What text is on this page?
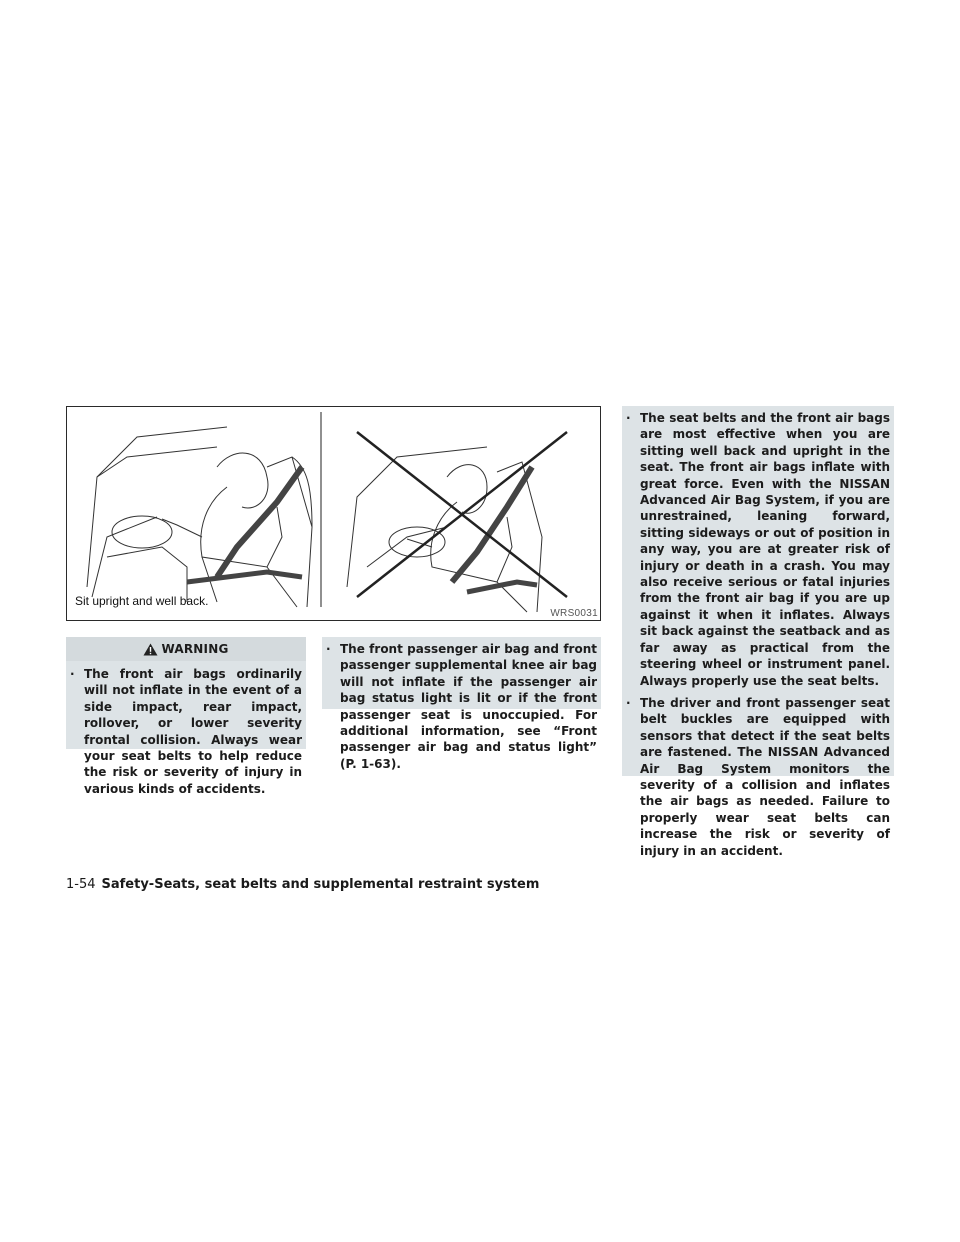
Sit upright and well back.
WRS0031
WARNING
· The front air bags ordinarily will not inflate in the event of a side impact, rear impact, rollover, or lower severity frontal collision. Always wear your seat belts to help reduce the risk or severity of injury in various kinds of accidents.
· The front passenger air bag and front passenger supplemental knee air bag will not inflate if the passenger air bag status light is lit or if the front passenger seat is unoccupied. For additional information, see “Front passenger air bag and status light” (P. 1-63).
· The seat belts and the front air bags are most effective when you are sitting well back and upright in the seat. The front air bags inflate with great force. Even with the NISSAN Advanced Air Bag System, if you are unrestrained, leaning forward, sitting sideways or out of position in any way, you are at greater risk of injury or death in a crash. You may also receive serious or fatal injuries from the front air bag if you are up against it when it inflates. Always sit back against the seatback and as far away as practical from the steering wheel or instrument panel. Always properly use the seat belts.
· The driver and front passenger seat belt buckles are equipped with sensors that detect if the seat belts are fastened. The NISSAN Advanced Air Bag System monitors the severity of a collision and inflates the air bags as needed. Failure to properly wear seat belts can increase the risk or severity of injury in an accident.
1-54 Safety-Seats, seat belts and supplemental restraint system
